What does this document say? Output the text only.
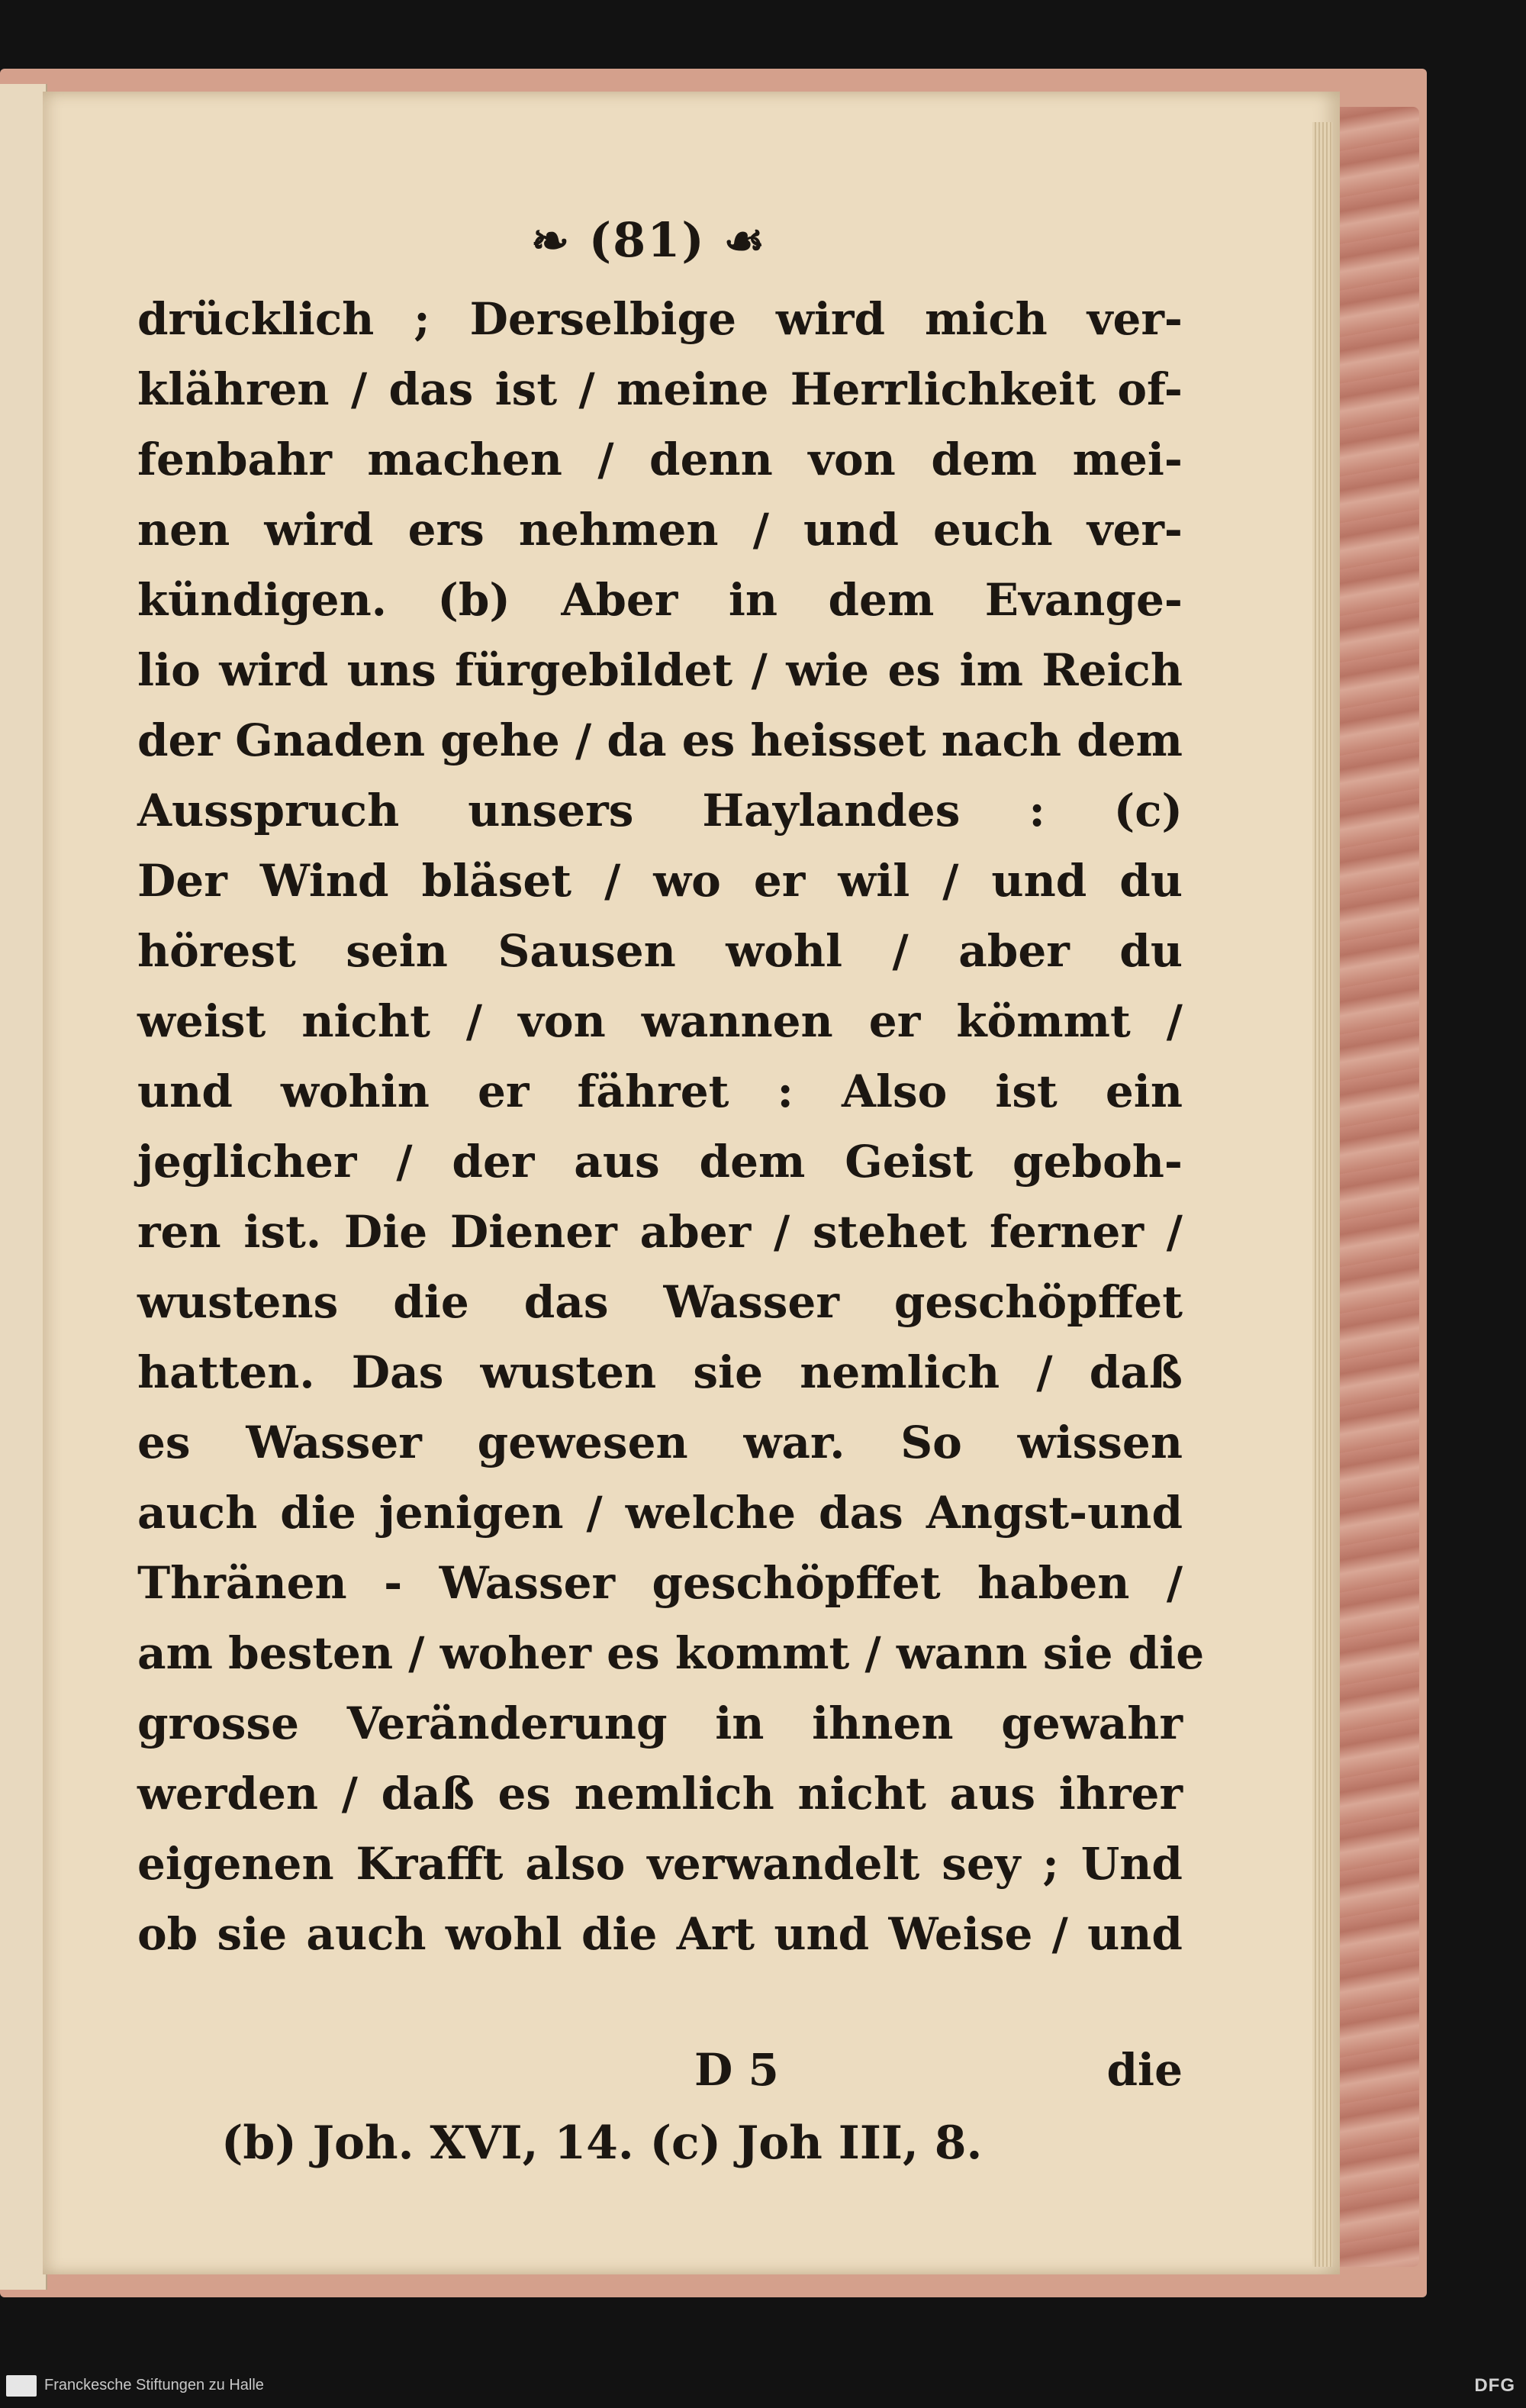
❧ (81) ☙
drücklich ; Derselbige wird mich ver-
klähren / das ist / meine Herrlichkeit of-
fenbahr machen / denn von dem mei-
nen wird ers nehmen / und euch ver-
kündigen. (b) Aber in dem Evange-
lio wird uns fürgebildet / wie es im Reich
der Gnaden gehe / da es heisset nach dem
Ausspruch unsers Haylandes : (c)
Der Wind bläset / wo er wil / und du
hörest sein Sausen wohl / aber du
weist nicht / von wannen er kömmt /
und wohin er fähret : Also ist ein
jeglicher / der aus dem Geist geboh-
ren ist. Die Diener aber / stehet ferner /
wustens die das Wasser geschöpffet
hatten. Das wusten sie nemlich / daß
es Wasser gewesen war. So wissen
auch die jenigen / welche das Angst-und
Thränen - Wasser geschöpffet haben /
am besten / woher es kommt / wann sie die
grosse Veränderung in ihnen gewahr
werden / daß es nemlich nicht aus ihrer
eigenen Krafft also verwandelt sey ; Und
ob sie auch wohl die Art und Weise / und
D 5	die
(b) Joh. XVI, 14. (c) Joh III, 8.
Franckesche Stiftungen zu Halle	DFG
